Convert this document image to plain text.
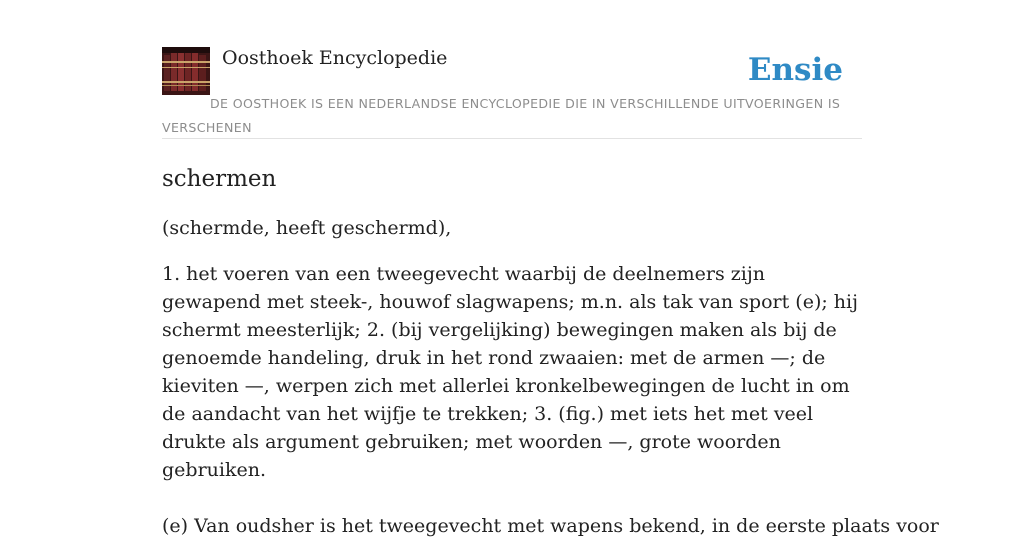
Oosthoek Encyclopedie	Ensie
DE OOSTHOEK IS EEN NEDERLANDSE ENCYCLOPEDIE DIE IN VERSCHILLENDE UITVOERINGEN IS VERSCHENEN
schermen

(schermde, heeft geschermd),

1. het voeren van een tweegevecht waarbij de deelnemers zijn gewapend met steek-, houwof slagwapens; m.n. als tak van sport (e); hij schermt meesterlijk; 2. (bij vergelijking) bewegingen maken als bij de genoemde handeling, druk in het rond zwaaien: met de armen —; de kieviten —, werpen zich met allerlei kronkelbewegingen de lucht in om de aandacht van het wijfje te trekken; 3. (fig.) met iets het met veel drukte als argument gebruiken; met woorden —, grote woorden gebruiken.

(e) Van oudsher is het tweegevecht met wapens bekend, in de eerste plaats voor
